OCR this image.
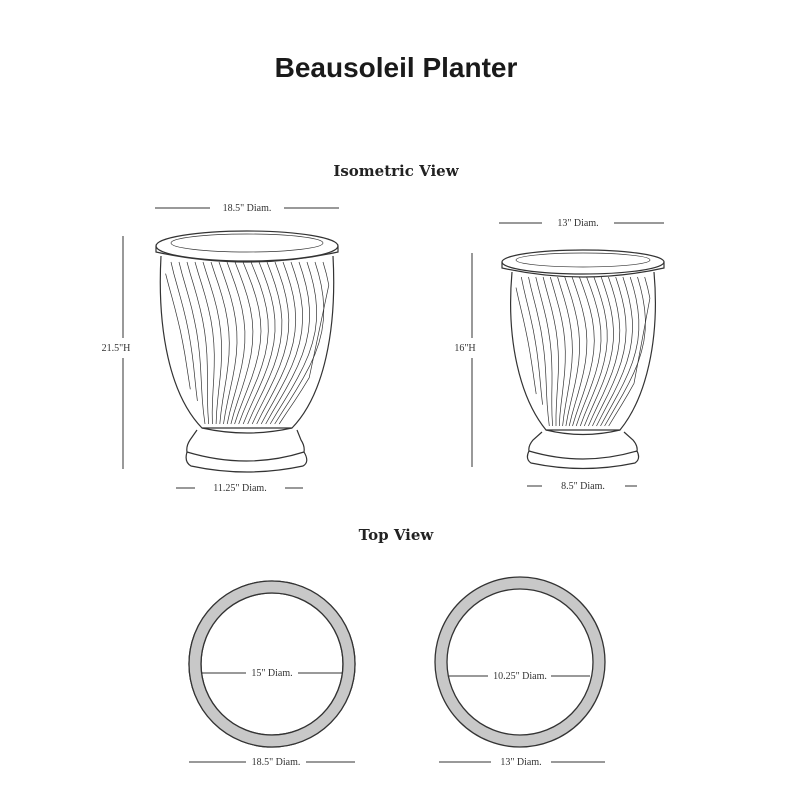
Beausoleil Planter
Isometric View
Top View
18.5" Diam.
21.5"H
11.25" Diam.
13" Diam.
16"H
8.5" Diam.
15" Diam.
18.5" Diam.
10.25" Diam.
13" Diam.
